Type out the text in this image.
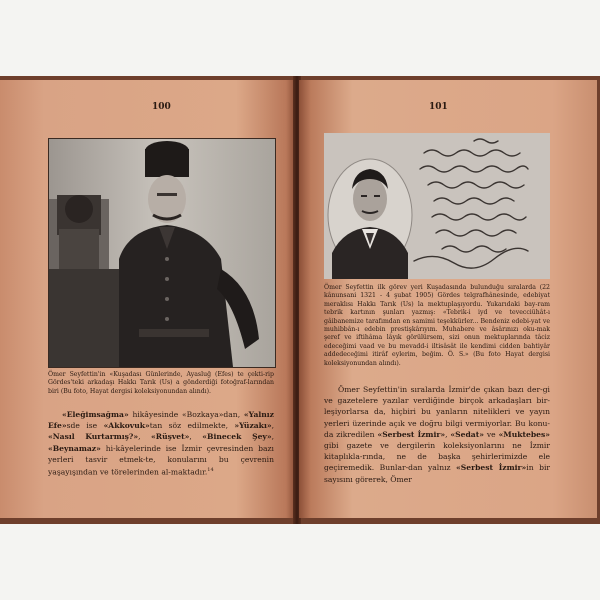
100
Ömer Seyfettin'in «Kuşadası Günlerinde, Ayasluğ (Efes) te çekti-rip Gördes'teki arkadaşı Hakkı Tarık (Us) a gönderdiği fotoğraf-larından biri (Bu foto, Hayat dergisi koleksiyonundan alındı).

«Eleğimsağma» hikâyesinde «Bozkaya»dan, «Yalnız Efe»sde ise «Akkovuk»tan söz edilmekte, »Yüzakı», «Nasıl Kurtarmış?», «Rüşvet», «Binecek Şey», «Beynamaz» hi-kâyelerinde ise İzmir çevresinden bazı yerleri tasvir etmek-te, konularını bu çevrenin yaşayışından ve törelerinden al-maktadır.$^{14}$

101
Ömer Seyfettin ilk görev yeri Kuşadasında bulunduğu sıralarda (22 kânunsani 1321 - 4 şubat 1905) Gördes telgrafhânesinde, edebiyat meraklısı Hakkı Tarık (Us) la mektuplaşıyordu. Yukarıdaki bay-ram tebrik kartının şunları yazmış: «Tebrik-i iyd ve tevecciühât-ı gâibanemize tarafımdan en samimi teşekkürler... Bendeniz edebi-yat ve muhibbân-ı edebin prestişkârıyım. Muhabere ve âsârınızı oku-mak şeref ve iftihâma lâyık görülürsem, sizi onun mektuplarında tâciz edeceğimi vaad ve bu mevadd-i iltisâsât ile kendimi cidden bahtiyâr addedeceğimi itirâf eylerim, beğim. Ö. S.» (Bu foto Hayat dergisi koleksiyonundan alındı).

Ömer Seyfettin'in sıralarda İzmir'de çıkan bazı der-gi ve gazetelere yazılar verdiğinde birçok arkadaşları bir-leşiyorlarsa da, hiçbiri bu yanların nitelikleri ve yayın yerleri üzerinde açık ve doğru bilgi vermiyorlar. Bu konu-da zikredilen «Serbest İzmir», «Sedat» ve «Muktebes» gibi gazete ve dergilerin koleksiyonlarını ne İzmir kitaplıkla-rında, ne de başka şehirlerimizde ele geçiremedik. Bunlar-dan yalnız «Serbest İzmir»in bir sayısını görerek, Ömer
